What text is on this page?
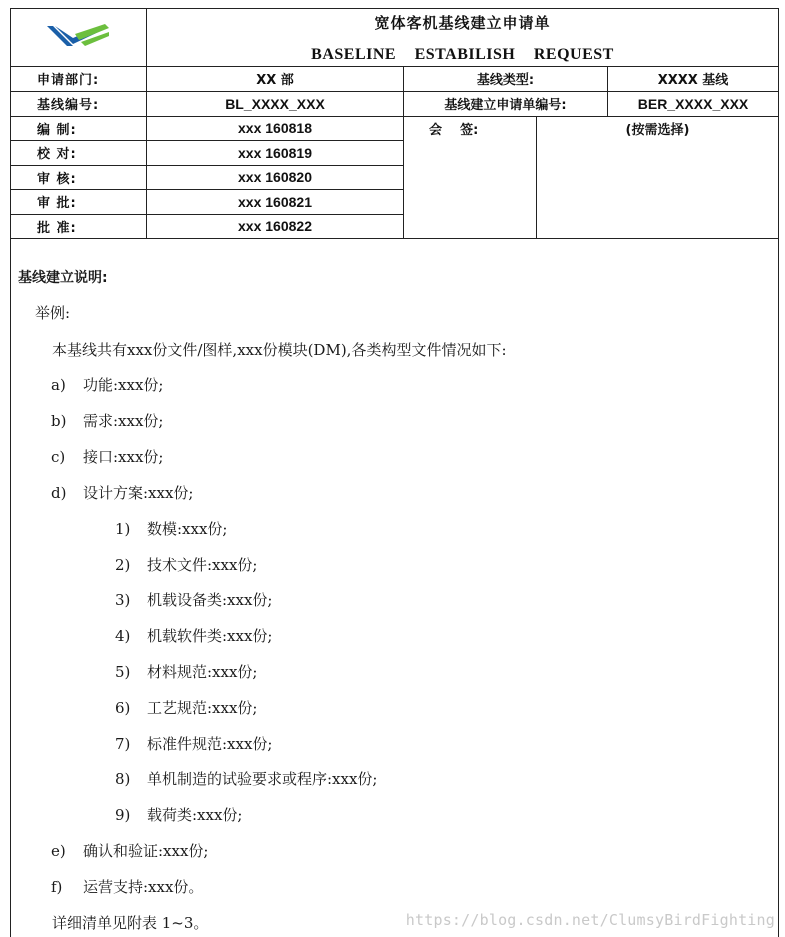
宽体客机基线建立申请单
BASELINE ESTABILISH REQUEST
申请部门:	XX 部	基线类型:	XXXX 基线
基线编号:	BL_XXXX_XXX	基线建立申请单编号:	BER_XXXX_XXX
编 制:	xxx 160818
校 对:	xxx 160819
审 核:	xxx 160820
审 批:	xxx 160821
批 准:	xxx 160822
会    签:	(按需选择)
基线建立说明:
举例:
本基线共有xxx份文件/图样,xxx份模块(DM),各类构型文件情况如下:
a) 功能:xxx份;
b) 需求:xxx份;
c) 接口:xxx份;
d) 设计方案:xxx份;
1) 数模:xxx份;
2) 技术文件:xxx份;
3) 机载设备类:xxx份;
4) 机载软件类:xxx份;
5) 材料规范:xxx份;
6) 工艺规范:xxx份;
7) 标准件规范:xxx份;
8) 单机制造的试验要求或程序:xxx份;
9) 载荷类:xxx份;
e) 确认和验证:xxx份;
f) 运营支持:xxx份。
详细清单见附表 1~3。	https://blog.csdn.net/ClumsyBirdFighting
